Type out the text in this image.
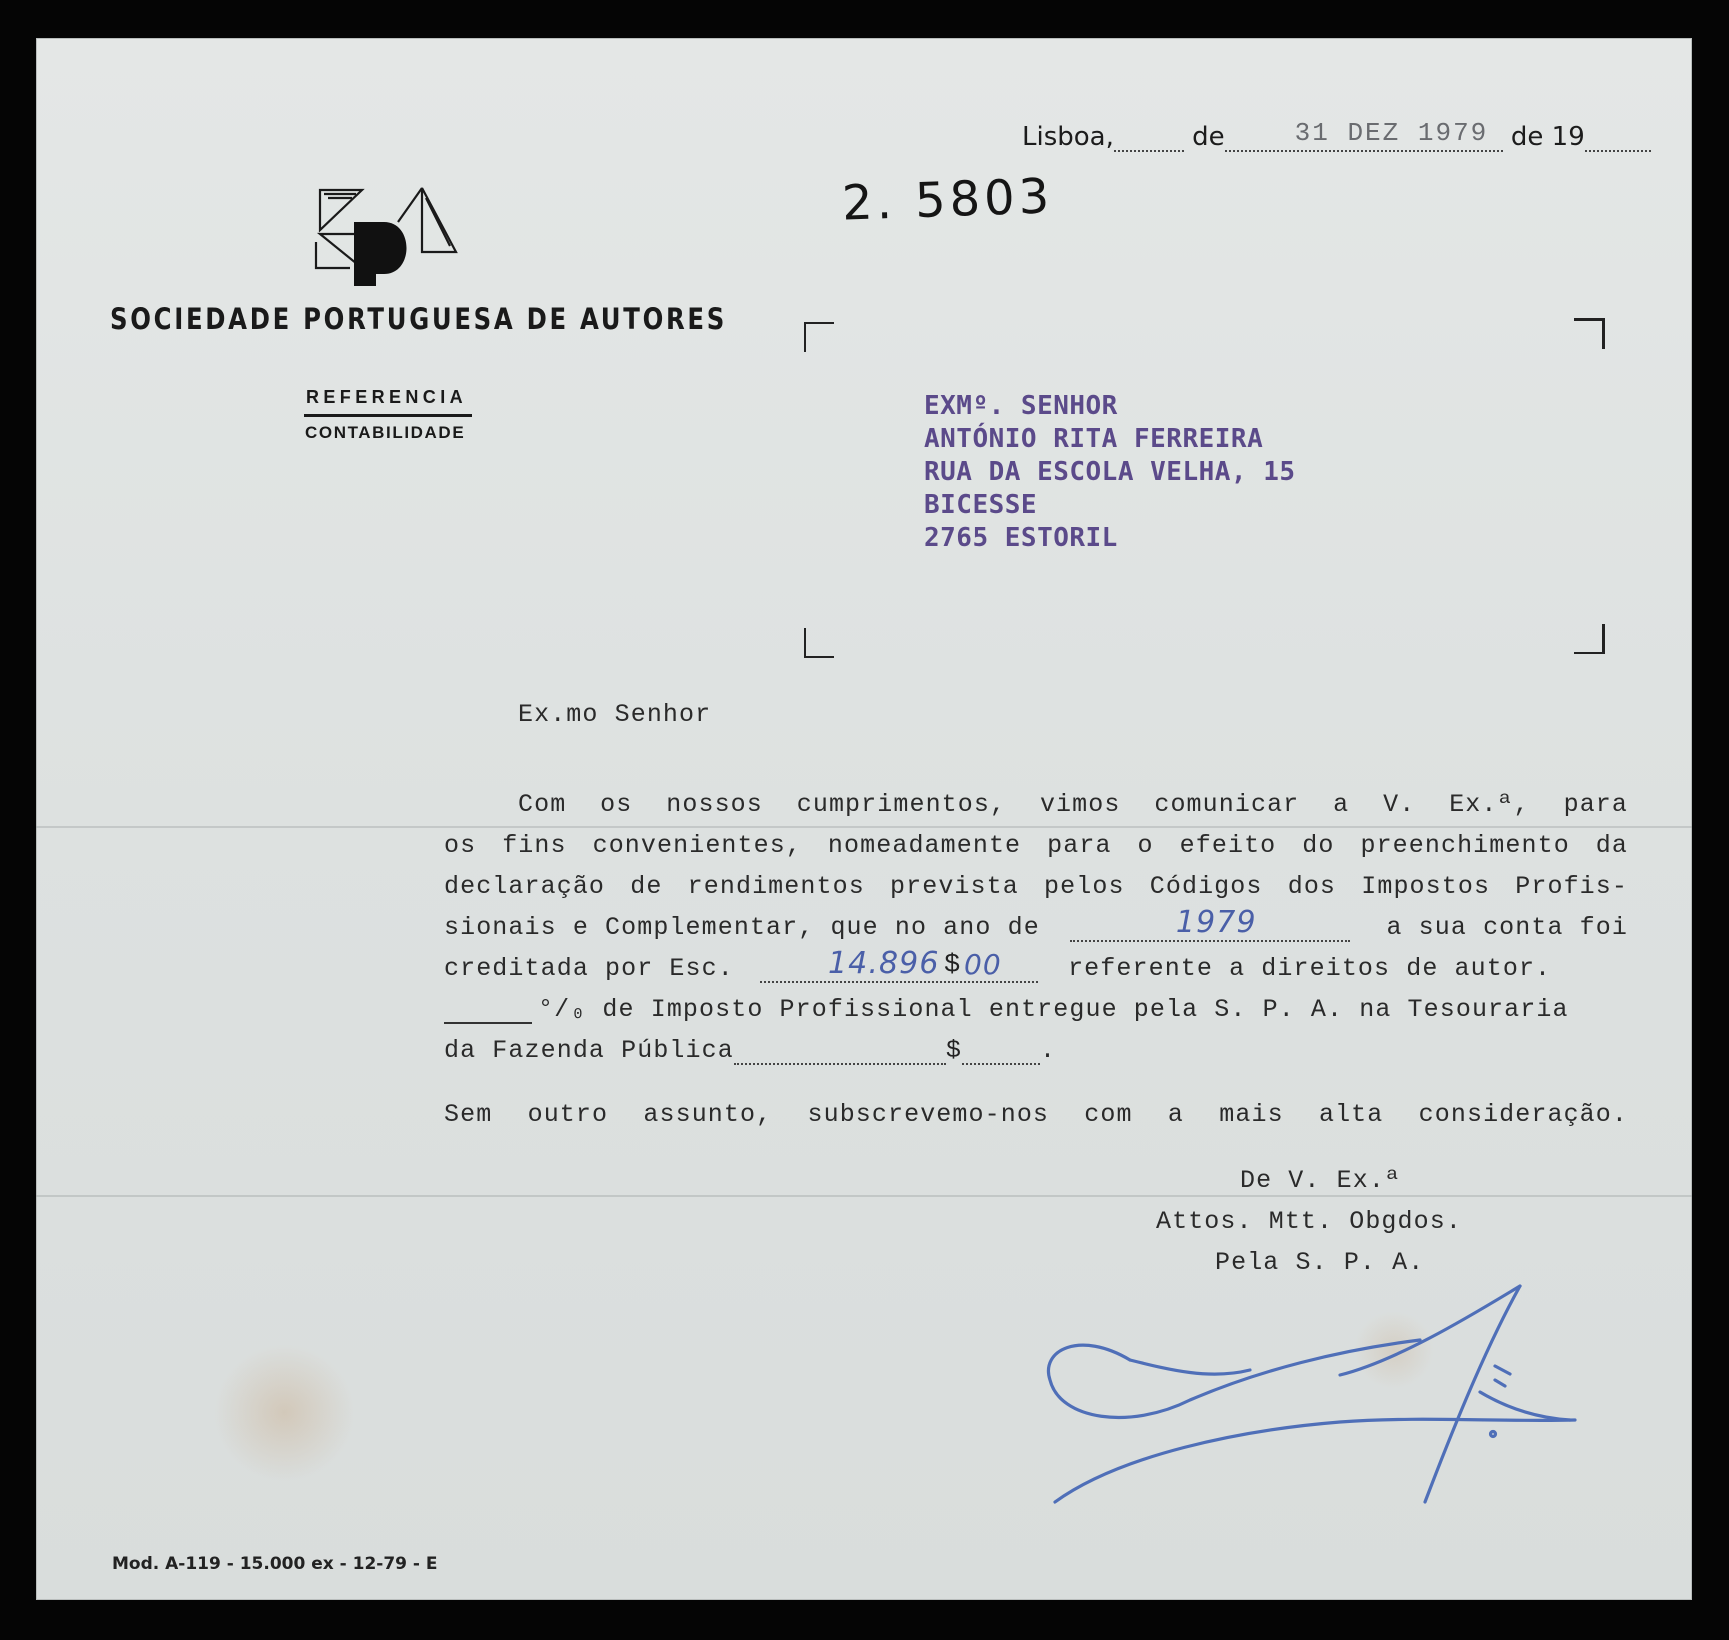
Lisboa,	de	31 DEZ 1979 de 19
2. 5803
SOCIEDADE PORTUGUESA DE AUTORES
REFERENCIA
CONTABILIDADE
EXMº. SENHOR
ANTÓNIO RITA FERREIRA
RUA DA ESCOLA VELHA, 15
BICESSE
2765 ESTORIL
Ex.mo Senhor
Com os nossos cumprimentos, vimos comunicar a V. Ex.ª, para
os fins convenientes, nomeadamente para o efeito do preenchimento da
declaração de rendimentos prevista pelos Códigos dos Impostos Profis-
sionais e Complementar, que no ano de	1979	a sua conta foi
creditada por Esc.	14.896 $ 00	referente a direitos de autor.
°/₀ de Imposto Profissional entregue pela S. P. A. na Tesouraria
da Fazenda Pública	$	.
Sem outro assunto, subscrevemo-nos com a mais alta consideração.
De V. Ex.ª
Attos. Mtt. Obgdos.
Pela S. P. A.
Mod. A-119 - 15.000 ex - 12-79 - E
